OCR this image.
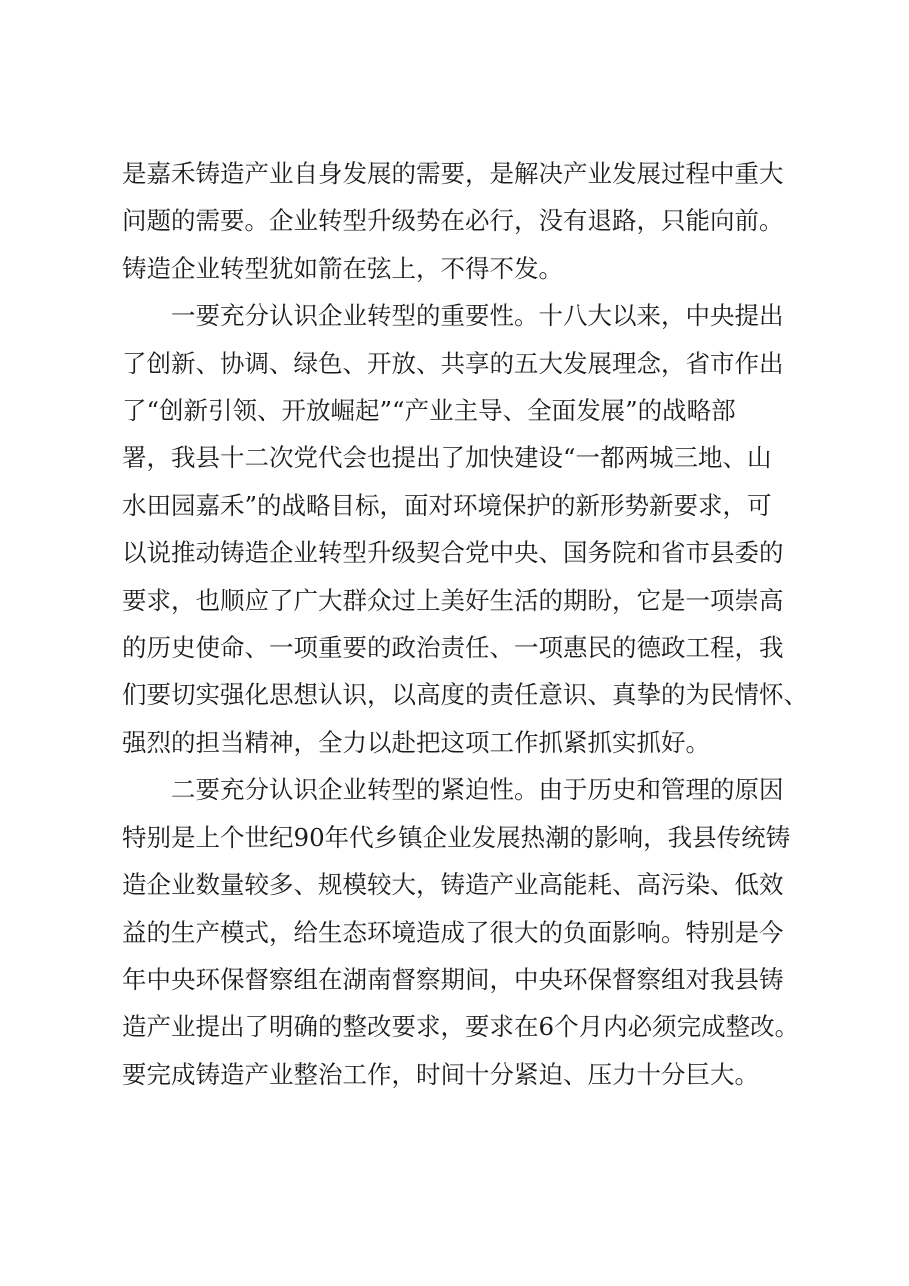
是嘉禾铸造产业自身发展的需要，是解决产业发展过程中重大
问题的需要。企业转型升级势在必行，没有退路，只能向前。
铸造企业转型犹如箭在弦上，不得不发。
一要充分认识企业转型的重要性。十八大以来，中央提出
了创新、协调、绿色、开放、共享的五大发展理念，省市作出
了“创新引领、开放崛起”“产业主导、全面发展”的战略部
署，我县十二次党代会也提出了加快建设“一都两城三地、山
水田园嘉禾”的战略目标，面对环境保护的新形势新要求，可
以说推动铸造企业转型升级契合党中央、国务院和省市县委的
要求，也顺应了广大群众过上美好生活的期盼，它是一项崇高
的历史使命、一项重要的政治责任、一项惠民的德政工程，我
们要切实强化思想认识，以高度的责任意识、真挚的为民情怀、
强烈的担当精神，全力以赴把这项工作抓紧抓实抓好。
二要充分认识企业转型的紧迫性。由于历史和管理的原因
特别是上个世纪90年代乡镇企业发展热潮的影响，我县传统铸
造企业数量较多、规模较大，铸造产业高能耗、高污染、低效
益的生产模式，给生态环境造成了很大的负面影响。特别是今
年中央环保督察组在湖南督察期间，中央环保督察组对我县铸
造产业提出了明确的整改要求，要求在6个月内必须完成整改。
要完成铸造产业整治工作，时间十分紧迫、压力十分巨大。
